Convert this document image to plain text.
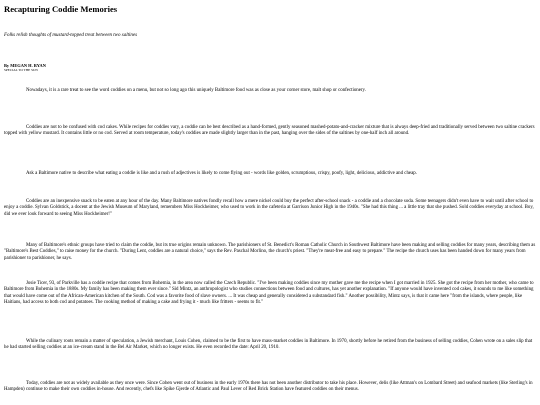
Recapturing Coddie Memories

Folks relish thoughts of mustard-topped treat between two saltines

By MEGAN H. RYAN
SPECIAL TO THE SUN

Nowadays, it is a rare treat to see the word coddies on a menu, but not so long ago this uniquely Baltimore food was as close as your corner store, malt shop or confectionery.

Coddies are not to be confused with cod cakes. While recipes for coddies vary, a coddie can be best described as a hand-formed, gently seasoned mashed-potato-and-cracker mixture that is always deep-fried and traditionally served between two saltine crackers topped with yellow mustard. It contains little or no cod. Served at room temperature, today's coddies are made slightly larger than in the past, hanging over the sides of the saltines by one-half inch all around.

Ask a Baltimore native to describe what eating a coddie is like and a rush of adjectives is likely to come flying out - words like golden, scrumptious, crispy, poofy, light, delicious, addictive and cheap.

Coddies are an inexpensive snack to be eaten at any hour of the day. Many Baltimore natives fondly recall how a mere nickel could buy the perfect after-school snack - a coddie and a chocolate soda. Some teenagers didn't even have to wait until after school to enjoy a coddie. Sylvan Goldstick, a docent at the Jewish Museum of Maryland, remembers Miss Hockheimer, who used to work in the cafeteria at Garrison Junior High in the 1940s. "She had this thing ... a little tray that she pushed. Sold coddies everyday at school. Boy, did we ever look forward to seeing Miss Hockheimer!"

Many of Baltimore's ethnic groups have tried to claim the coddie, but its true origins remain unknown. The parishioners of St. Benedict's Roman Catholic Church in Southwest Baltimore have been making and selling coddies for many years, describing them as "Baltimore's Best Coddies," to raise money for the church. "During Lent, coddies are a natural choice," says the Rev. Paschal Morlino, the church's priest. "They're meat-free and easy to prepare." The recipe the church uses has been handed down for many years from parishioner to parishioner, he says.

Josie Ticer, 93, of Parkville has a coddie recipe that comes from Bohemia, in the area now called the Czech Republic. "I've been making coddies since my mother gave me the recipe when I got married in 1925. She got the recipe from her mother, who came to Baltimore from Bohemia in the 1880s. My family has been making them ever since." Sid Mintz, an anthropologist who studies connections between food and cultures, has yet another explanation. "If anyone would have invented cod cakes, it sounds to me like something that would have come out of the African-American kitchen of the South. Cod was a favorite food of slave owners. ... It was cheap and generally considered a substandard fish." Another possibility, Mintz says, is that it came here "from the islands, where people, like Haitians, had access to both cod and potatoes. The cooking method of making a cake and frying it - much like fritters - seems to fit."

While the culinary roots remain a matter of speculation, a Jewish merchant, Louis Cohen, claimed to be the first to have mass-market coddies in Baltimore. In 1970, shortly before he retired from the business of selling coddies, Cohen wrote on a sales slip that he had started selling coddies at an ice-cream stand in the Bel Air Market, which no longer exists. He even recorded the date: April 20, 1910.

Today, coddies are not as widely available as they once were. Since Cohen went out of business in the early 1970s there has not been another distributor to take his place. However, delis (like Attman's on Lombard Street) and seafood markets (like Sterling's in Hampden) continue to make their own coddies in-house. And recently, chefs like Spike Gjerde of Atlantic and Paul Lever of Red Brick Station have featured coddies on their menus.
